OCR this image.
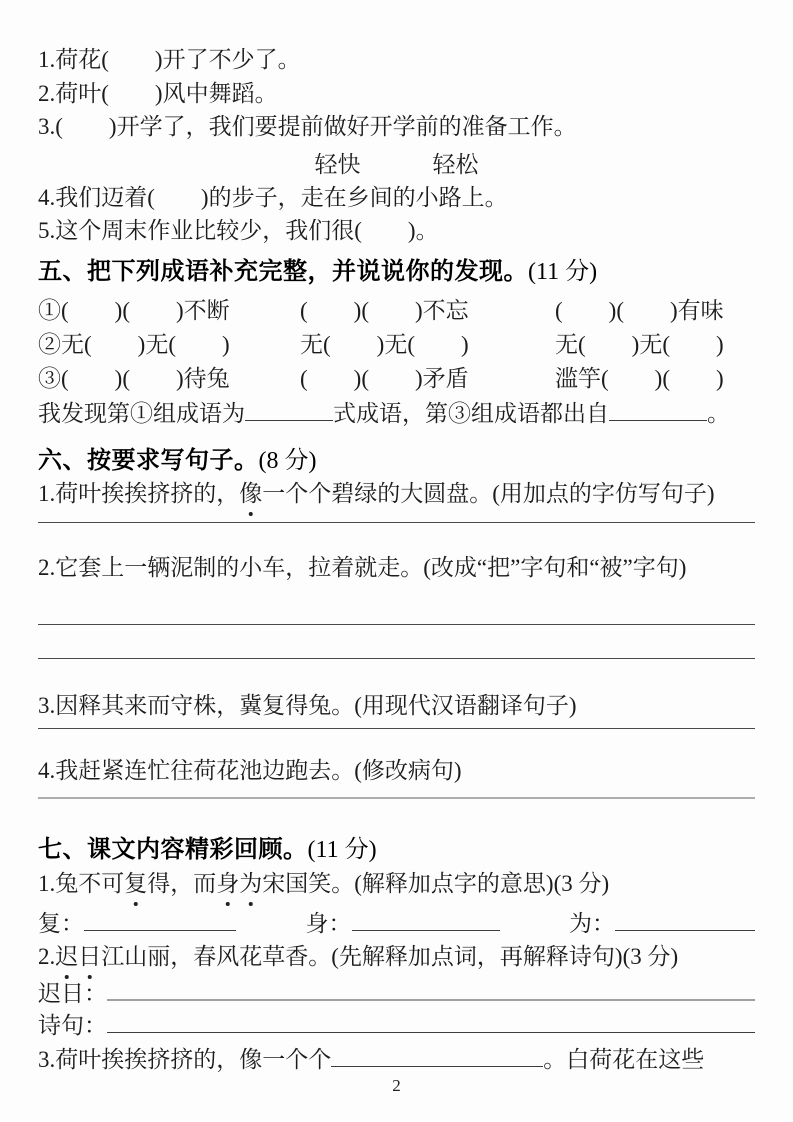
1.荷花(　　)开了不少了。
2.荷叶(　　)风中舞蹈。
3.(　　)开学了，我们要提前做好开学前的准备工作。
轻快	轻松
4.我们迈着(　　)的步子，走在乡间的小路上。
5.这个周末作业比较少，我们很(　　)。
五、把下列成语补充完整，并说说你的发现。(11 分)
①(　　)(　　)不断	(　　)(　　)不忘	(　　)(　　)有味
②无(　　)无(　　)	无(　　)无(　　)	无(　　)无(　　)
③(　　)(　　)待兔	(　　)(　　)矛盾	滥竽(　　)(　　)
我发现第①组成语为	式成语，第③组成语都出自	。
六、按要求写句子。(8 分)
1.荷叶挨挨挤挤的，像一个个碧绿的大圆盘。(用加点的字仿写句子)
2.它套上一辆泥制的小车，拉着就走。(改成“把”字句和“被”字句)
3.因释其来而守株，冀复得兔。(用现代汉语翻译句子)
4.我赶紧连忙往荷花池边跑去。(修改病句)
七、课文内容精彩回顾。(11 分)
1.兔不可复得，而身为宋国笑。(解释加点字的意思)(3 分)
复：	身：	为：
2.迟日江山丽，春风花草香。(先解释加点词，再解释诗句)(3 分)
迟日：
诗句：
3.荷叶挨挨挤挤的，像一个个	。白荷花在这些
2
